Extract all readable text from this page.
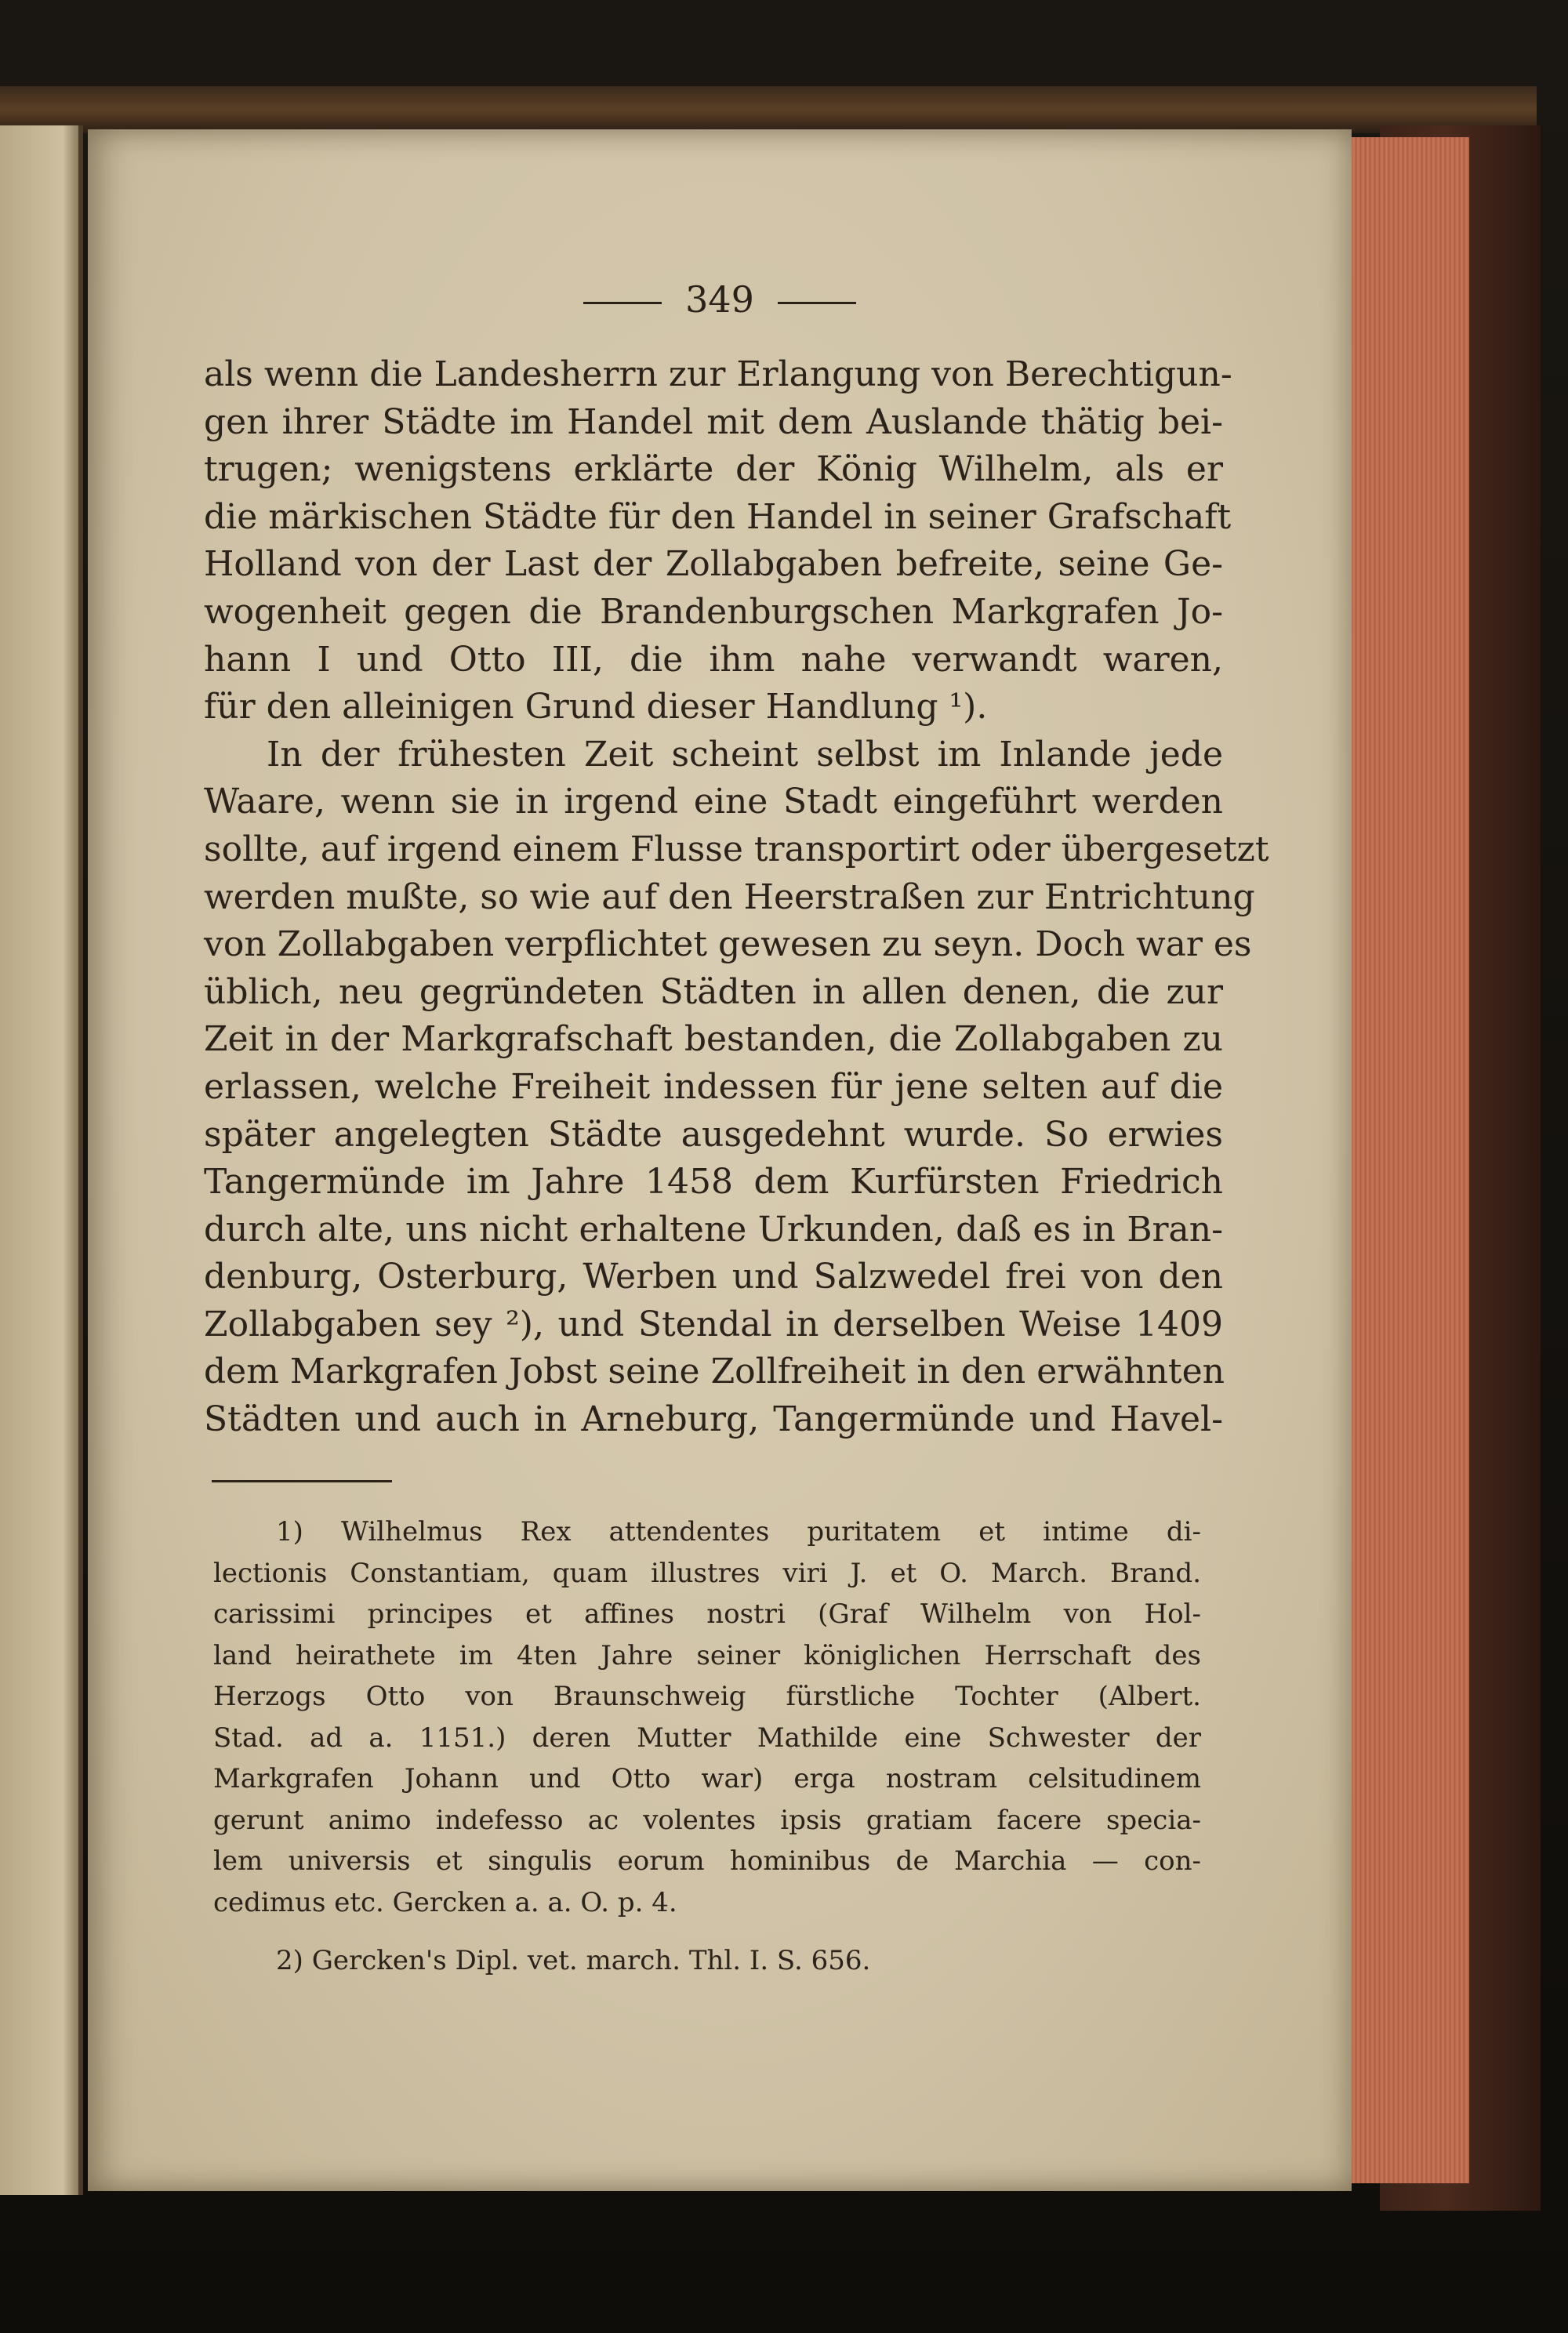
349
als wenn die Landesherrn zur Erlangung von Berechtigun-
gen ihrer Städte im Handel mit dem Auslande thätig bei-
trugen; wenigstens erklärte der König Wilhelm, als er
die märkischen Städte für den Handel in seiner Grafschaft
Holland von der Last der Zollabgaben befreite, seine Ge-
wogenheit gegen die Brandenburgschen Markgrafen Jo-
hann I und Otto III, die ihm nahe verwandt waren,
für den alleinigen Grund dieser Handlung ¹).
In der frühesten Zeit scheint selbst im Inlande jede
Waare, wenn sie in irgend eine Stadt eingeführt werden
sollte, auf irgend einem Flusse transportirt oder übergesetzt
werden mußte, so wie auf den Heerstraßen zur Entrichtung
von Zollabgaben verpflichtet gewesen zu seyn. Doch war es
üblich, neu gegründeten Städten in allen denen, die zur
Zeit in der Markgrafschaft bestanden, die Zollabgaben zu
erlassen, welche Freiheit indessen für jene selten auf die
später angelegten Städte ausgedehnt wurde. So erwies
Tangermünde im Jahre 1458 dem Kurfürsten Friedrich
durch alte, uns nicht erhaltene Urkunden, daß es in Bran-
denburg, Osterburg, Werben und Salzwedel frei von den
Zollabgaben sey ²), und Stendal in derselben Weise 1409
dem Markgrafen Jobst seine Zollfreiheit in den erwähnten
Städten und auch in Arneburg, Tangermünde und Havel-
1) Wilhelmus Rex attendentes puritatem et intime di-
lectionis Constantiam, quam illustres viri J. et O. March. Brand.
carissimi principes et affines nostri (Graf Wilhelm von Hol-
land heirathete im 4ten Jahre seiner königlichen Herrschaft des
Herzogs Otto von Braunschweig fürstliche Tochter (Albert.
Stad. ad a. 1151.) deren Mutter Mathilde eine Schwester der
Markgrafen Johann und Otto war) erga nostram celsitudinem
gerunt animo indefesso ac volentes ipsis gratiam facere specia-
lem universis et singulis eorum hominibus de Marchia — con-
cedimus etc. Gercken a. a. O. p. 4.
2) Gercken's Dipl. vet. march. Thl. I. S. 656.
